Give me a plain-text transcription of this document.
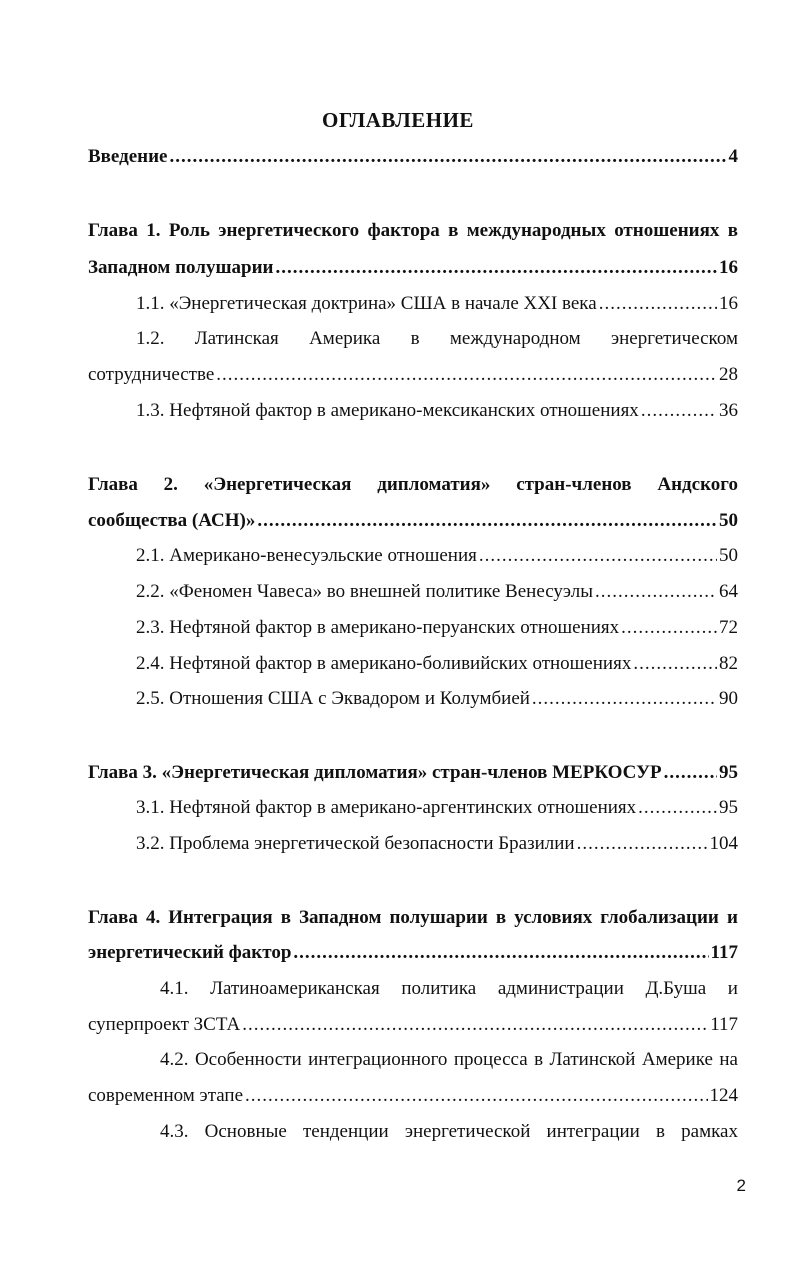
ОГЛАВЛЕНИЕ
Введение .....	4
Глава 1. Роль энергетического фактора в международных отношениях в
Западном полушарии .....	16
1.1. «Энергетическая доктрина» США в начале XXI века .....	16
1.2. Латинская Америка в международном энергетическом
сотрудничестве .....	28
1.3. Нефтяной фактор в американо-мексиканских отношениях .....	36
Глава 2. «Энергетическая дипломатия» стран-членов Андского
сообщества (АСН)» .....	50
2.1. Американо-венесуэльские отношения .....	50
2.2. «Феномен Чавеса» во внешней политике Венесуэлы .....	64
2.3. Нефтяной фактор в американо-перуанских отношениях .....	72
2.4. Нефтяной фактор в американо-боливийских отношениях .....	82
2.5. Отношения США с Эквадором и Колумбией .....	90
Глава 3. «Энергетическая дипломатия» стран-членов МЕРКОСУР .....	95
3.1. Нефтяной фактор в американо-аргентинских отношениях .....	95
3.2. Проблема энергетической безопасности Бразилии .....	104
Глава 4. Интеграция в Западном полушарии в условиях глобализации и
энергетический фактор .....	117
4.1. Латиноамериканская политика администрации Д.Буша и
суперпроект ЗСТА .....	117
4.2. Особенности интеграционного процесса в Латинской Америке на
современном этапе .....	124
4.3. Основные тенденции энергетической интеграции в рамках
2
